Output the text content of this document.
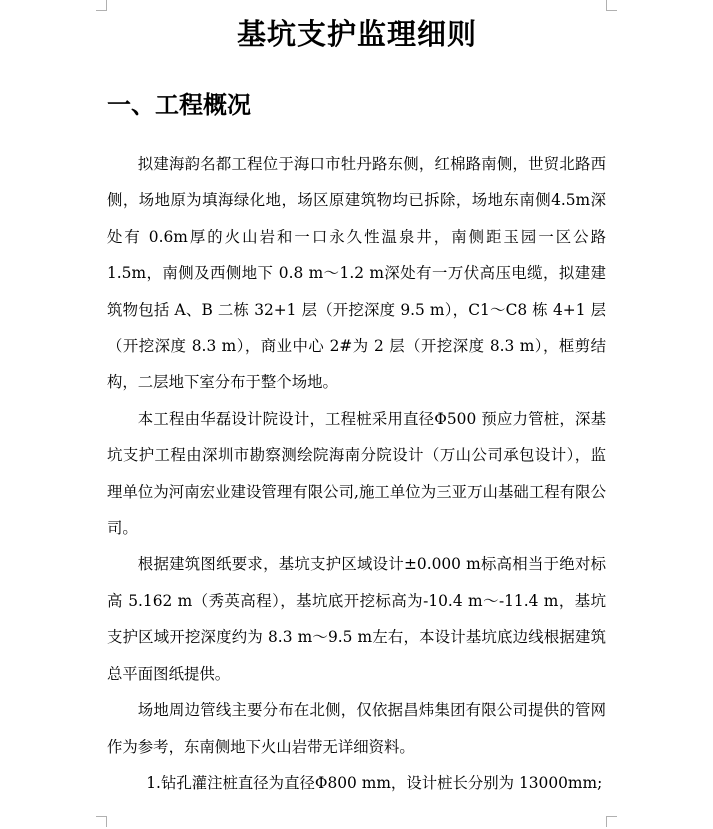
基坑支护监理细则
一、工程概况

拟建海韵名都工程位于海口市牡丹路东侧，红棉路南侧，世贸北路西侧，场地原为填海绿化地，场区原建筑物均已拆除，场地东南侧4.5m深处有 0.6m厚的火山岩和一口永久性温泉井，南侧距玉园一区公路 1.5m，南侧及西侧地下 0.8 m～1.2 m深处有一万伏高压电缆，拟建建筑物包括 A、B 二栋 32+1 层（开挖深度 9.5 m），C1～C8 栋 4+1 层（开挖深度 8.3 m），商业中心 2#为 2 层（开挖深度 8.3 m），框剪结构，二层地下室分布于整个场地。

本工程由华磊设计院设计，工程桩采用直径Φ500 预应力管桩，深基坑支护工程由深圳市勘察测绘院海南分院设计（万山公司承包设计），监理单位为河南宏业建设管理有限公司,施工单位为三亚万山基础工程有限公司。

根据建筑图纸要求，基坑支护区域设计±0.000 m标高相当于绝对标高 5.162 m（秀英高程），基坑底开挖标高为-10.4 m～-11.4 m，基坑支护区域开挖深度约为 8.3 m～9.5 m左右，本设计基坑底边线根据建筑总平面图纸提供。

场地周边管线主要分布在北侧，仅依据昌炜集团有限公司提供的管网作为参考，东南侧地下火山岩带无详细资料。

1.钻孔灌注桩直径为直径Φ800 mm，设计桩长分别为 13000mm;
